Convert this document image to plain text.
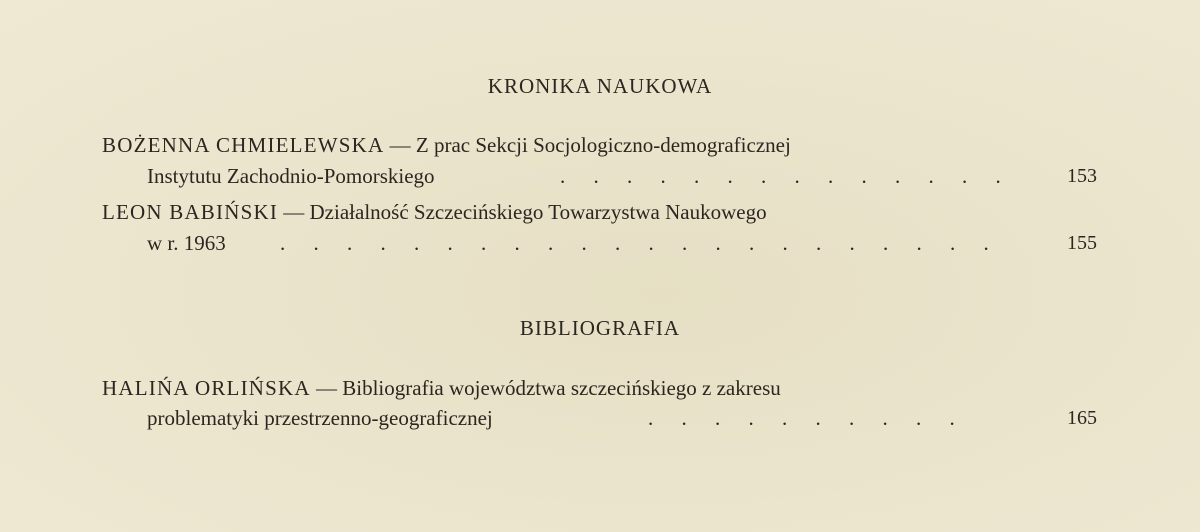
KRONIKA NAUKOWA
BOŻENNA CHMIELEWSKA — Z prac Sekcji Socjologiczno-demograficznej
Instytutu Zachodnio-Pomorskiego	. . . . . . . . . . . . . .	153
LEON BABIŃSKI — Działalność Szczecińskiego Towarzystwa Naukowego
w r. 1963	. . . . . . . . . . . . . . . . . . . . . .	155
BIBLIOGRAFIA
HALIŃA ORLIŃSKA — Bibliografia województwa szczecińskiego z zakresu
problematyki przestrzenno-geograficznej	. . . . . . . . . .	165
